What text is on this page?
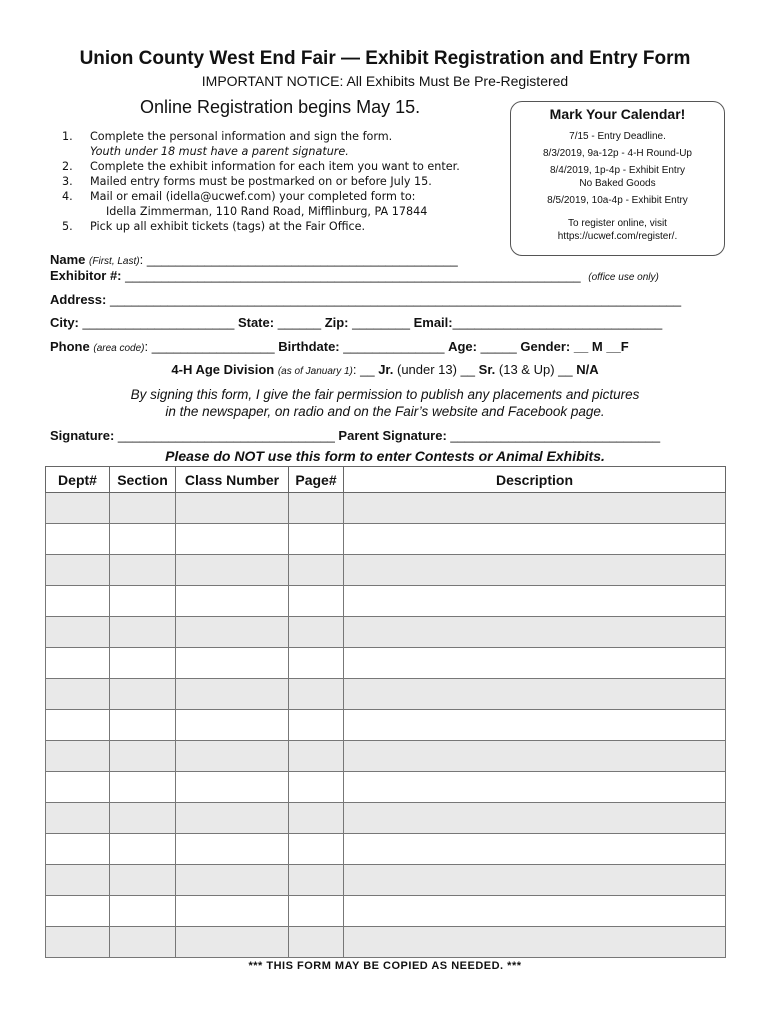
Union County West End Fair — Exhibit Registration and Entry Form
IMPORTANT NOTICE: All Exhibits Must Be Pre-Registered
Online Registration begins May 15.
1.	Complete the personal information and sign the form.
Youth under 18 must have a parent signature.
2.	Complete the exhibit information for each item you want to enter.
3.	Mailed entry forms must be postmarked on or before July 15.
4.	Mail or email (idella@ucwef.com) your completed form to:
Idella Zimmerman, 110 Rand Road, Mifflinburg, PA 17844
5.	Pick up all exhibit tickets (tags) at the Fair Office.
Mark Your Calendar!
7/15 - Entry Deadline.
8/3/2019, 9a-12p - 4-H Round-Up
8/4/2019, 1p-4p - Exhibit Entry
No Baked Goods
8/5/2019, 10a-4p - Exhibit Entry
To register online, visit
https://ucwef.com/register/.
Name (First, Last): ___________________________________________
Exhibitor #: _______________________________________________________________ (office use only)
Address: _______________________________________________________________________________
City: _____________________ State: ______ Zip: ________ Email:_____________________________
Phone (area code): _________________ Birthdate: ______________ Age: _____ Gender: __ M __F
4-H Age Division (as of January 1): __ Jr. (under 13) __ Sr. (13 & Up) __ N/A
By signing this form, I give the fair permission to publish any placements and pictures
in the newspaper, on radio and on the Fair’s website and Facebook page.
Signature: ______________________________ Parent Signature: _____________________________
Please do NOT use this form to enter Contests or Animal Exhibits.
Dept#	Section	Class Number	Page#	Description

*** THIS FORM MAY BE COPIED AS NEEDED. ***
